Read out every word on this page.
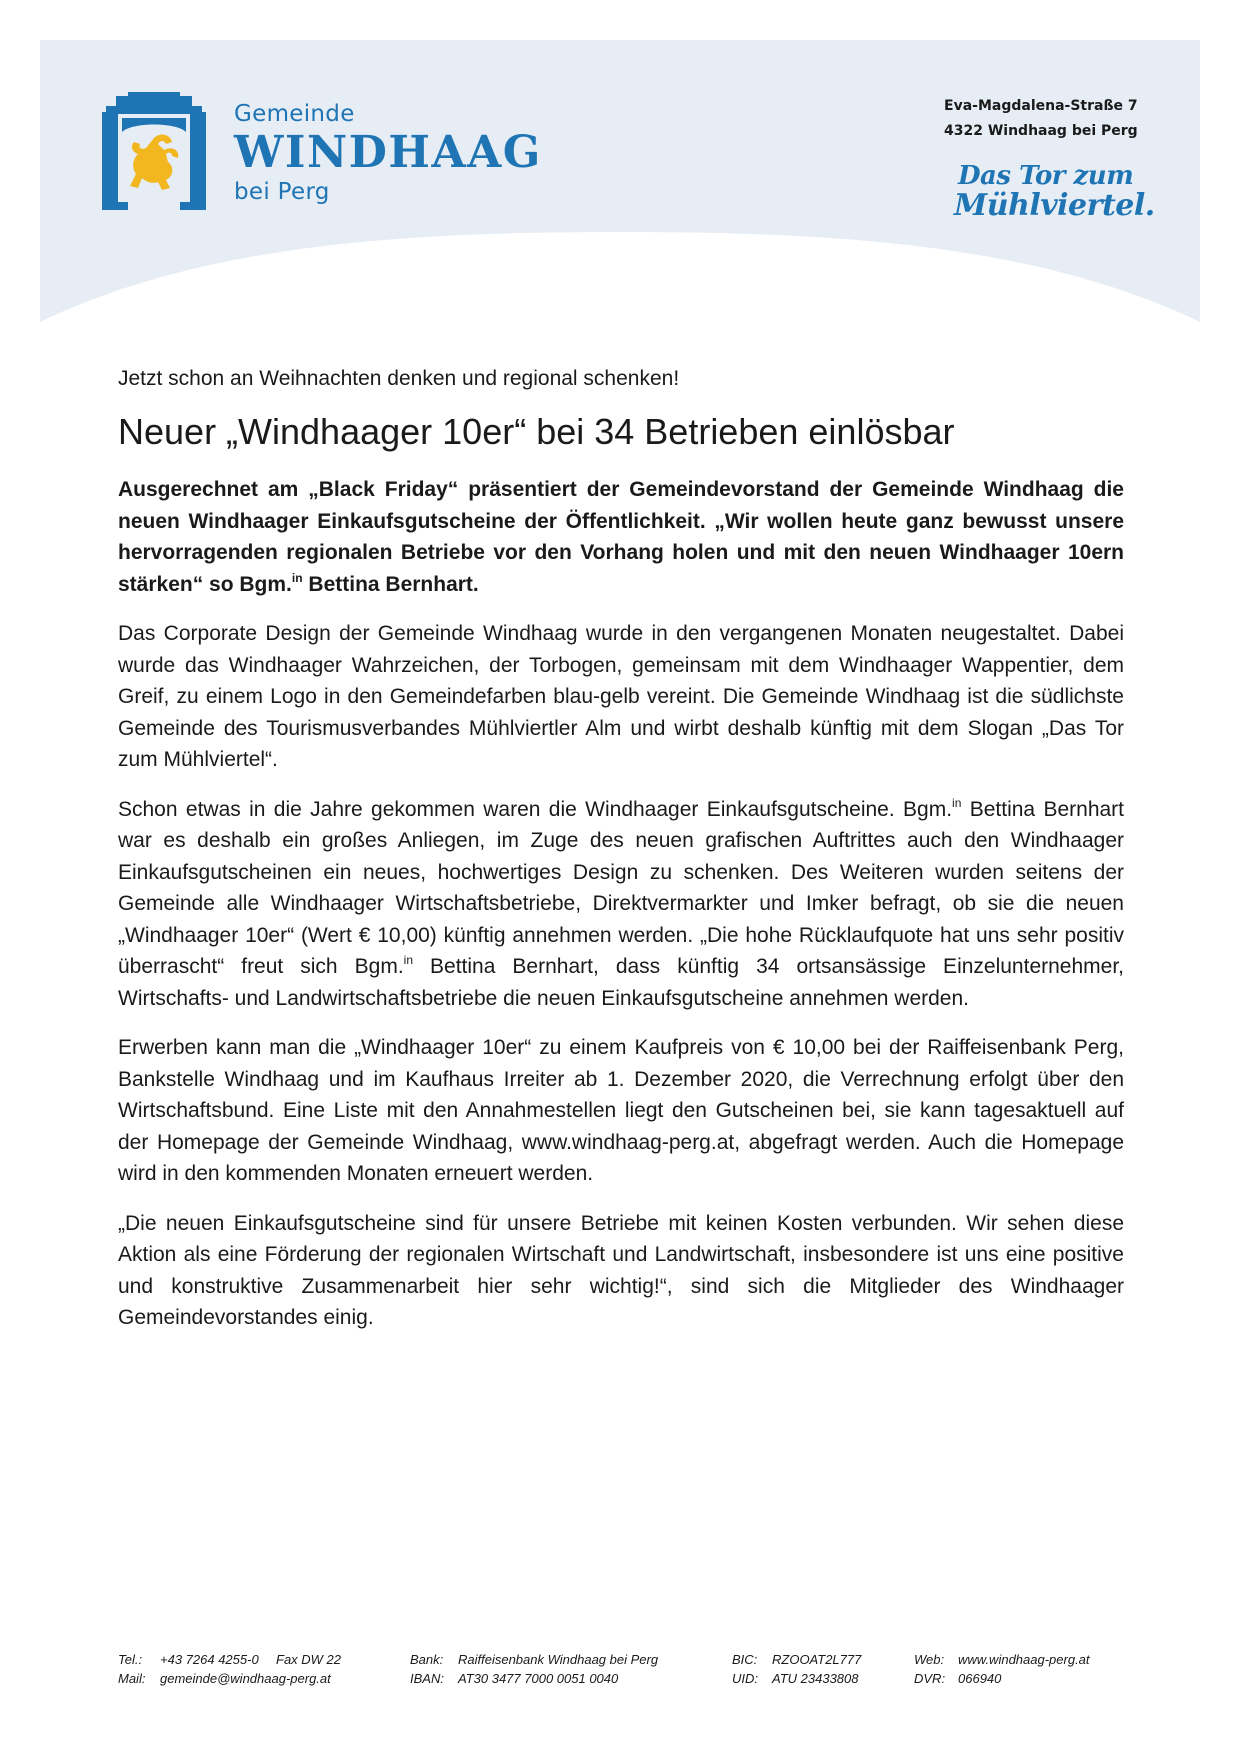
Gemeinde
WINDHAAG
bei Perg
Eva-Magdalena-Straße 7
4322 Windhaag bei Perg
Das Tor zum
Mühlviertel.

Jetzt schon an Weihnachten denken und regional schenken!

Neuer „Windhaager 10er“ bei 34 Betrieben einlösbar

Ausgerechnet am „Black Friday“ präsentiert der Gemeindevorstand der Gemeinde Windhaag die neuen Windhaager Einkaufsgutscheine der Öffentlichkeit. „Wir wollen heute ganz bewusst unsere hervorragenden regionalen Betriebe vor den Vorhang holen und mit den neuen Windhaager 10ern stärken“ so Bgm.$^{in}$ Bettina Bernhart.

Das Corporate Design der Gemeinde Windhaag wurde in den vergangenen Monaten neugestaltet. Dabei wurde das Windhaager Wahrzeichen, der Torbogen, gemeinsam mit dem Windhaager Wappentier, dem Greif, zu einem Logo in den Gemeindefarben blau-gelb vereint. Die Gemeinde Windhaag ist die südlichste Gemeinde des Tourismusverbandes Mühlviertler Alm und wirbt deshalb künftig mit dem Slogan „Das Tor zum Mühlviertel“.

Schon etwas in die Jahre gekommen waren die Windhaager Einkaufsgutscheine. Bgm.$^{in}$ Bettina Bernhart war es deshalb ein großes Anliegen, im Zuge des neuen grafischen Auftrittes auch den Windhaager Einkaufsgutscheinen ein neues, hochwertiges Design zu schenken. Des Weiteren wurden seitens der Gemeinde alle Windhaager Wirtschaftsbetriebe, Direktvermarkter und Imker befragt, ob sie die neuen „Windhaager 10er“ (Wert € 10,00) künftig annehmen werden. „Die hohe Rücklaufquote hat uns sehr positiv überrascht“ freut sich Bgm.$^{in}$ Bettina Bernhart, dass künftig 34 ortsansässige Einzelunternehmer, Wirtschafts- und Landwirtschaftsbetriebe die neuen Einkaufsgutscheine annehmen werden.

Erwerben kann man die „Windhaager 10er“ zu einem Kaufpreis von € 10,00 bei der Raiffeisenbank Perg, Bankstelle Windhaag und im Kaufhaus Irreiter ab 1. Dezember 2020, die Verrechnung erfolgt über den Wirtschaftsbund. Eine Liste mit den Annahmestellen liegt den Gutscheinen bei, sie kann tagesaktuell auf der Homepage der Gemeinde Windhaag, www.windhaag-perg.at, abgefragt werden. Auch die Homepage wird in den kommenden Monaten erneuert werden.

„Die neuen Einkaufsgutscheine sind für unsere Betriebe mit keinen Kosten verbunden. Wir sehen diese Aktion als eine Förderung der regionalen Wirtschaft und Landwirtschaft, insbesondere ist uns eine positive und konstruktive Zusammenarbeit hier sehr wichtig!“, sind sich die Mitglieder des Windhaager Gemeindevorstandes einig.

Tel.: +43 7264 4255-0 Fax DW 22	Bank: Raiffeisenbank Windhaag bei Perg	BIC: RZOOAT2L777	Web: www.windhaag-perg.at
Mail: gemeinde@windhaag-perg.at	IBAN: AT30 3477 7000 0051 0040	UID: ATU 23433808	DVR: 066940
